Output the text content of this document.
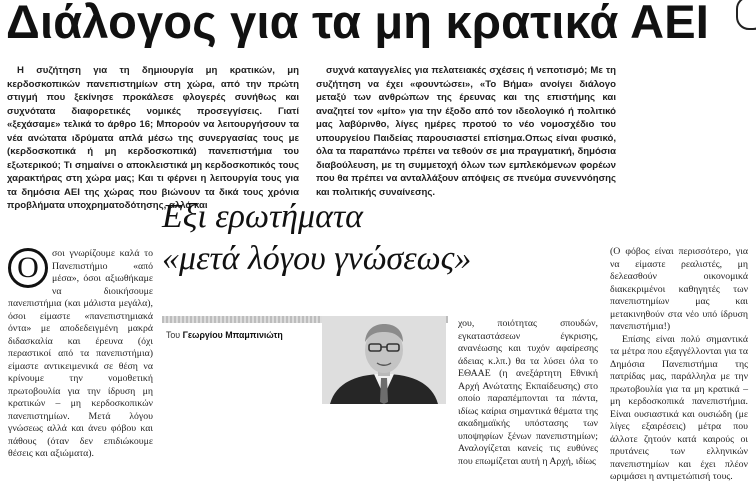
Διάλογος για τα μη κρατικά ΑΕΙ

Η συζήτηση για τη δημιουργία μη κρατικών, μη κερδοσκοπικών πανεπιστημίων στη χώρα, από την πρώτη στιγμή που ξεκίνησε προκάλεσε φλογερές συνήθως και συχνότατα διαφορετικές νομικές προσεγγίσεις. Γιατί «ξεχάσαμε» τελικά το άρθρο 16; Μπορούν να λειτουργήσουν τα νέα ανώτατα ιδρύματα απλά μέσω της συνεργασίας τους με (κερδοσκοπικά ή μη κερδοσκοπικά) πανεπιστήμια του εξωτερικού; Τι σημαίνει ο αποκλειστικά μη κερδοσκοπικός τους χαρακτήρας στη χώρα μας; Και τι φέρνει η λειτουργία τους για τα δημόσια ΑΕΙ της χώρας που βιώνουν τα δικά τους χρόνια προβλήματα υποχρηματοδότησης, αλλά και

συχνά καταγγελίες για πελατειακές σχέσεις ή νεποτισμό; Με τη συζήτηση να έχει «φουντώσει», «Το Βήμα» ανοίγει διάλογο μεταξύ των ανθρώπων της έρευνας και της επιστήμης και αναζητεί τον «μίτο» για την έξοδο από τον ιδεολογικό ή πολιτικό μας λαβύρινθο, λίγες ημέρες προτού το νέο νομοσχέδιο του υπουργείου Παιδείας παρουσιαστεί επίσημα.Οπως είναι φυσικό, όλα τα παραπάνω πρέπει να τεθούν σε μια πραγματική, δημόσια διαβούλευση, με τη συμμετοχή όλων των εμπλεκόμενων φορέων που θα πρέπει να ανταλλάξουν απόψεις σε πνεύμα συνεννόησης και πολιτικής συναίνεσης.

Εξι ερωτήματα
«μετά λόγου γνώσεως»
O	σοι γνωρίζουμε καλά το Πανεπιστήμιο «από μέσα», όσοι αξιωθήκαμε να διοικήσουμε πανεπιστήμια (και μάλιστα μεγάλα), όσοι είμαστε «πανεπιστημιακά όντα» με αποδεδειγμένη μακρά διδασκαλία και έρευνα (όχι περαστικοί από τα πανεπιστήμια) είμαστε αντικειμενικά σε θέση να κρίνουμε την νομοθετική πρωτοβουλία για την ίδρυση μη κρατικών – μη κερδοσκοπικών πανεπιστημίων. Μετά λόγου γνώσεως αλλά και άνευ φόβου και πάθους (όταν δεν επιδιώκουμε θέσεις και αξιώματα).

Του Γεωργίου Μπαμπινιώτη

χου, ποιότητας σπουδών, εγκαταστάσεων έγκρισης, ανανέωσης και τυχόν αφαίρεσης άδειας κ.λπ.) θα τα λύσει όλα το ΕΘΑΑΕ (η ανεξάρτητη Εθνική Αρχή Ανώτατης Εκπαίδευσης) στο οποίο παραπέμπονται τα πάντα, ιδίως καίρια σημαντικά θέματα της ακαδημαϊκής υπόστασης των υποψηφίων ξένων πανεπιστημίων; Αναλογίζεται κανείς τις ευθύνες που επωμίζεται αυτή η Αρχή, ιδίως

(Ο φόβος είναι περισσότερο, για να είμαστε ρεαλιστές, μη δελεασθούν οικονομικά διακεκριμένοι καθηγητές των πανεπιστημίων μας και μετακινηθούν στα νέο υπό ίδρυση πανεπιστήμια!)

Επίσης είναι πολύ σημαντικά τα μέτρα που εξαγγέλλονται για τα Δημόσια Πανεπιστήμια της πατρίδας μας, παράλληλα με την πρωτοβουλία για τα μη κρατικά – μη κερδοσκοπικά πανεπιστήμια. Είναι ουσιαστικά και ουσιώδη (με λίγες εξαιρέσεις) μέτρα που άλλοτε ζητούν κατά καιρούς οι πρυτάνεις των ελληνικών πανεπιστημίων και έχει πλέον ωριμάσει η αντιμετώπισή τους.
